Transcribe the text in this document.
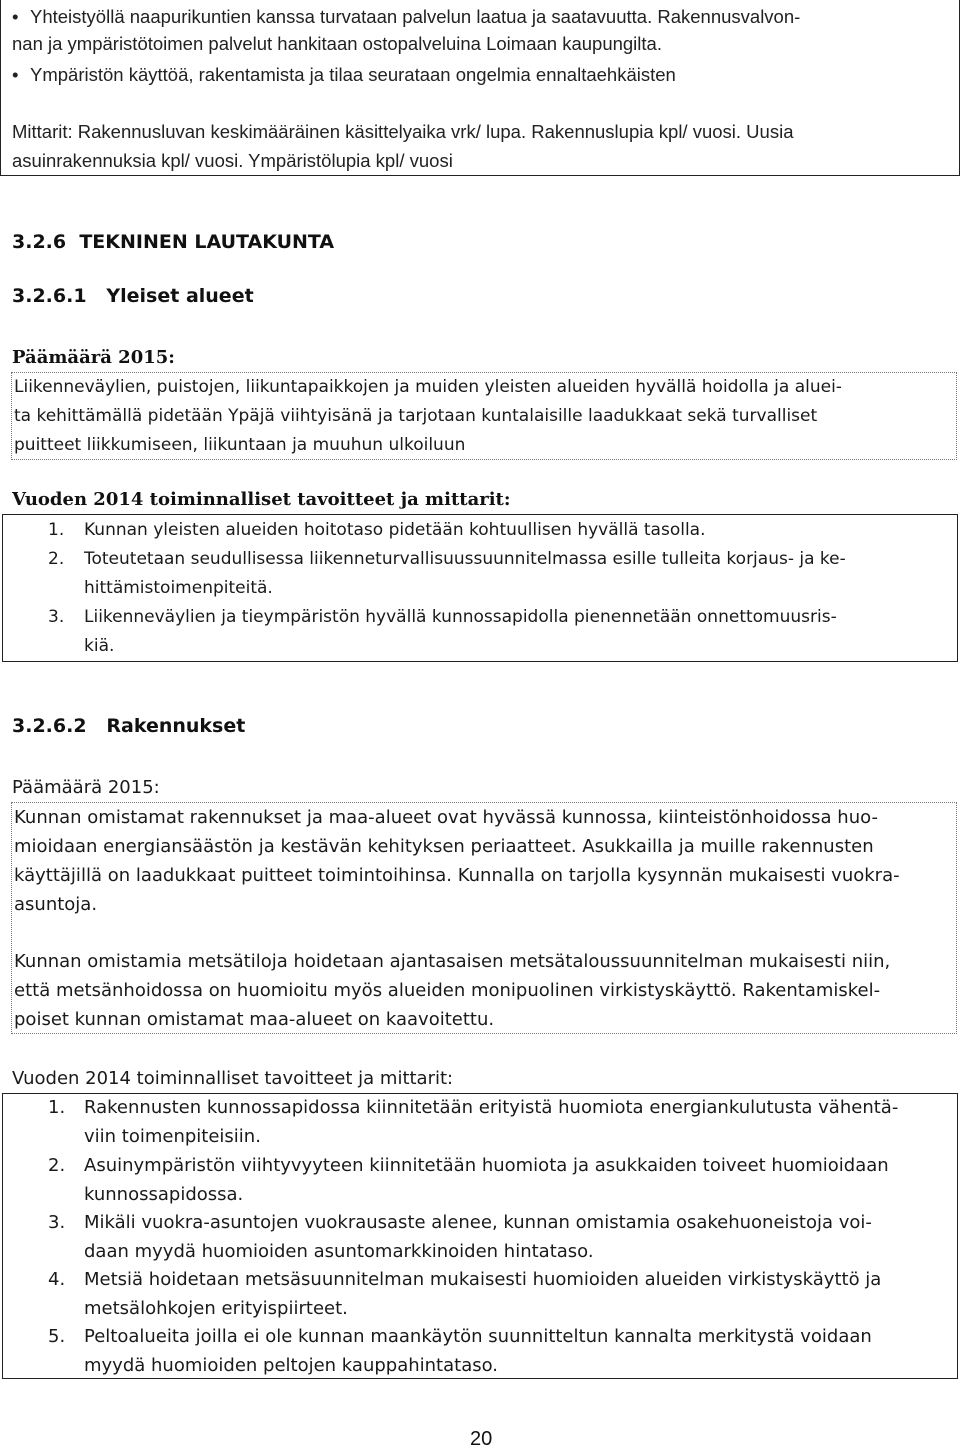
• Yhteistyöllä naapurikuntien kanssa turvataan palvelun laatua ja saatavuutta. Rakennusvalvon-
nan ja ympäristötoimen palvelut hankitaan ostopalveluina Loimaan kaupungilta.
• Ympäristön käyttöä, rakentamista ja tilaa seurataan ongelmia ennaltaehkäisten
Mittarit: Rakennusluvan keskimääräinen käsittelyaika vrk/ lupa. Rakennuslupia kpl/ vuosi. Uusia
asuinrakennuksia kpl/ vuosi. Ympäristölupia kpl/ vuosi
3.2.6  TEKNINEN LAUTAKUNTA
3.2.6.1   Yleiset alueet
Päämäärä 2015:
Liikenneväylien, puistojen, liikuntapaikkojen ja muiden yleisten alueiden hyvällä hoidolla ja aluei-
ta kehittämällä pidetään Ypäjä viihtyisänä ja tarjotaan kuntalaisille laadukkaat sekä turvalliset
puitteet liikkumiseen, liikuntaan ja muuhun ulkoiluun
Vuoden 2014 toiminnalliset tavoitteet ja mittarit:
1. Kunnan yleisten alueiden hoitotaso pidetään kohtuullisen hyvällä tasolla.
2. Toteutetaan seudullisessa liikenneturvallisuussuunnitelmassa esille tulleita korjaus- ja ke-
hittämistoimenpiteitä.
3. Liikenneväylien ja tieympäristön hyvällä kunnossapidolla pienennetään onnettomuusris-
kiä.
3.2.6.2   Rakennukset
Päämäärä 2015:
Kunnan omistamat rakennukset ja maa-alueet ovat hyvässä kunnossa, kiinteistönhoidossa huo-
mioidaan energiansäästön ja kestävän kehityksen periaatteet. Asukkailla ja muille rakennusten
käyttäjillä on laadukkaat puitteet toimintoihinsa. Kunnalla on tarjolla kysynnän mukaisesti vuokra-
asuntoja.
Kunnan omistamia metsätiloja hoidetaan ajantasaisen metsätaloussuunnitelman mukaisesti niin,
että metsänhoidossa on huomioitu myös alueiden monipuolinen virkistyskäyttö. Rakentamiskel-
poiset kunnan omistamat maa-alueet on kaavoitettu.
Vuoden 2014 toiminnalliset tavoitteet ja mittarit:
1. Rakennusten kunnossapidossa kiinnitetään erityistä huomiota energiankulutusta vähentä-
viin toimenpiteisiin.
2. Asuinympäristön viihtyvyyteen kiinnitetään huomiota ja asukkaiden toiveet huomioidaan
kunnossapidossa.
3. Mikäli vuokra-asuntojen vuokrausaste alenee, kunnan omistamia osakehuoneistoja voi-
daan myydä huomioiden asuntomarkkinoiden hintataso.
4. Metsiä hoidetaan metsäsuunnitelman mukaisesti huomioiden alueiden virkistyskäyttö ja
metsälohkojen erityispiirteet.
5. Peltoalueita joilla ei ole kunnan maankäytön suunnitteltun kannalta merkitystä voidaan
myydä huomioiden peltojen kauppahintataso.
20
